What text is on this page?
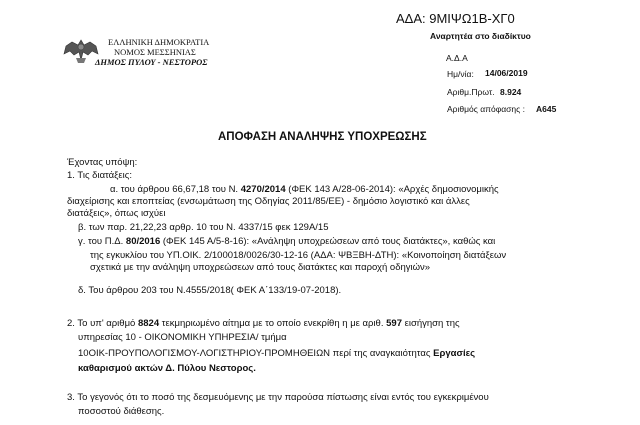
ΑΔΑ: 9ΜΙΨΩ1Β-ΧΓ0
Αναρτητέα στο διαδίκτυο
ΕΛΛΗΝΙΚΗ ΔΗΜΟΚΡΑΤΙΑ
ΝΟΜΟΣ ΜΕΣΣΗΝΙΑΣ
ΔΗΜΟΣ ΠΥΛΟΥ - ΝΕΣΤΟΡΟΣ	Α.Δ.Α
Ημ/νία: 14/06/2019
Αριθμ.Πρωτ. 8.924
Αριθμός απόφασης : Α645
ΑΠΟΦΑΣΗ ΑΝΑΛΗΨΗΣ ΥΠΟΧΡΕΩΣΗΣ
Έχοντας υπόψη:
1. Τις διατάξεις:
α. του άρθρου 66,67,18 του Ν. 4270/2014 (ΦΕΚ 143 Α/28-06-2014): «Αρχές δημοσιονομικής
διαχείρισης και εποπτείας (ενσωμάτωση της Οδηγίας 2011/85/ΕΕ) - δημόσιο λογιστικό και άλλες
διατάξεις», όπως ισχύει
β. των παρ. 21,22,23 αρθρ. 10 του Ν. 4337/15 φεκ 129Α/15
γ. του Π.Δ. 80/2016 (ΦΕΚ 145 Α/5-8-16): «Ανάληψη υποχρεώσεων από τους διατάκτες», καθώς και
της εγκυκλίου του ΥΠ.ΟΙΚ. 2/100018/0026/30-12-16 (ΑΔΑ: ΨΒΞΒΗ-ΔΤΗ): «Κοινοποίηση διατάξεων
σχετικά με την ανάληψη υποχρεώσεων από τους διατάκτες και παροχή οδηγιών»
δ. Του άρθρου 203 του Ν.4555/2018( ΦΕΚ Α΄133/19-07-2018).
2. Το υπ' αριθμό 8824 τεκμηριωμένο αίτημα με το οποίο ενεκρίθη η με αριθ. 597 εισήγηση της
υπηρεσίας 10 - ΟΙΚΟΝΟΜΙΚΗ ΥΠΗΡΕΣΙΑ/ τμήμα
10ΟΙΚ-ΠΡΟΥΠΟΛΟΓΙΣΜΟΥ-ΛΟΓΙΣΤΗΡΙΟΥ-ΠΡΟΜΗΘΕΙΩΝ περί της αναγκαιότητας Εργασίες
καθαρισμού ακτών Δ. Πύλου Νεστορος.
3. Το γεγονός ότι το ποσό της δεσμευόμενης με την παρούσα πίστωσης είναι εντός του εγκεκριμένου
ποσοστού διάθεσης.
